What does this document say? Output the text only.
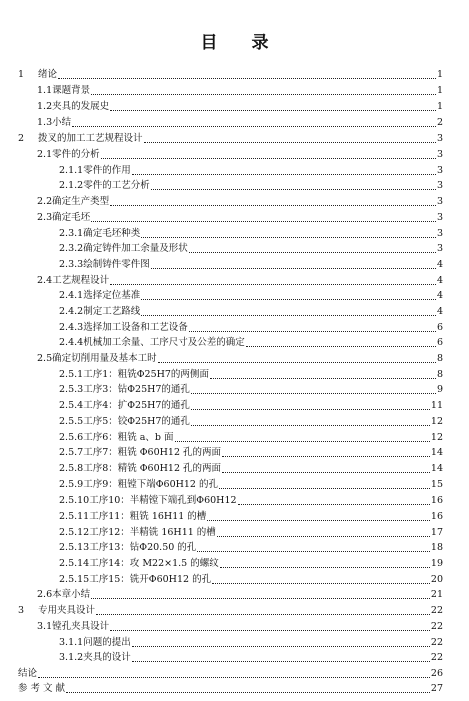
目 录
1 绪论	1
1.1课题背景	1
1.2夹具的发展史	1
1.3小结	2
2 拨叉的加工工艺规程设计	3
2.1零件的分析	3
2.1.1零件的作用	3
2.1.2零件的工艺分析	3
2.2确定生产类型	3
2.3确定毛坯	3
2.3.1确定毛坯种类	3
2.3.2确定铸件加工余量及形状	3
2.3.3绘制铸件零件图	4
2.4工艺规程设计	4
2.4.1选择定位基准	4
2.4.2制定工艺路线	4
2.4.3选择加工设备和工艺设备	6
2.4.4机械加工余量、工序尺寸及公差的确定	6
2.5确定切削用量及基本工时	8
2.5.1工序1：粗铣Φ25H7的两侧面	8
2.5.3工序3：钻Φ25H7的通孔	9
2.5.4工序4：扩Φ25H7的通孔	11
2.5.5工序5：铰Φ25H7的通孔	12
2.5.6工序6：粗铣 a、b 面	12
2.5.7工序7：粗铣 Φ60H12 孔的两面	14
2.5.8工序8：精铣 Φ60H12 孔的两面	14
2.5.9工序9：粗镗下端Φ60H12 的孔	15
2.5.10工序10：半精镗下端孔到Φ60H12	16
2.5.11工序11：粗铣 16H11 的槽	16
2.5.12工序12：半精铣 16H11 的槽	17
2.5.13工序13：钻Φ20.50 的孔	18
2.5.14工序14：攻 M22×1.5 的螺纹	19
2.5.15工序15：铣开Φ60H12 的孔	20
2.6本章小结	21
3 专用夹具设计	22
3.1镗孔夹具设计	22
3.1.1问题的提出	22
3.1.2夹具的设计	22
结论	26
参 考 文 献	27
